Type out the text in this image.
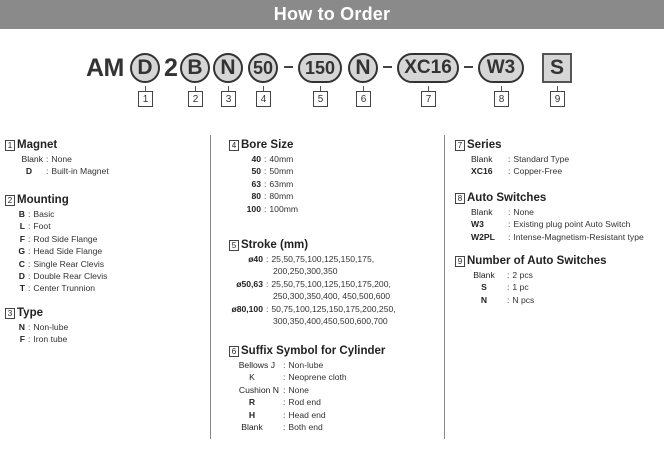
How to Order
AM D 2 B N 50	150 N	XC16	W3	S
1	2	3	4	5	6	7	8	9
1 Magnet
Blank : None
D	: Built-in Magnet
2 Mounting
B : Basic
L : Foot
F : Rod Side Flange
G : Head Side Flange
C : Single Rear Clevis
D : Double Rear Clevis
T : Center Trunnion
3 Type
N : Non-lube
F : Iron tube
4 Bore Size
40 : 40mm
50 : 50mm
63 : 63mm
80 : 80mm
100 : 100mm
5 Stroke (mm)
ø40 : 25,50,75,100,125,150,175,
200,250,300,350
ø50,63 : 25,50,75,100,125,150,175,200,
250,300,350,400, 450,500,600
ø80,100 : 50,75,100,125,150,175,200,250,
300,350,400,450,500,600,700
6 Suffix Symbol for Cylinder
Bellows J : Non-lube
K	: Neoprene cloth
Cushion N : None
R	: Rod end
H	: Head end
Blank	: Both end
7 Series
Blank	: Standard Type
XC16	: Copper-Free
8 Auto Switches
Blank	: None
W3	: Existing plug point Auto Switch
W2PL	: Intense-Magnetism-Resistant type
9 Number of Auto Switches
Blank	: 2 pcs
S	: 1 pc
N	: N pcs
